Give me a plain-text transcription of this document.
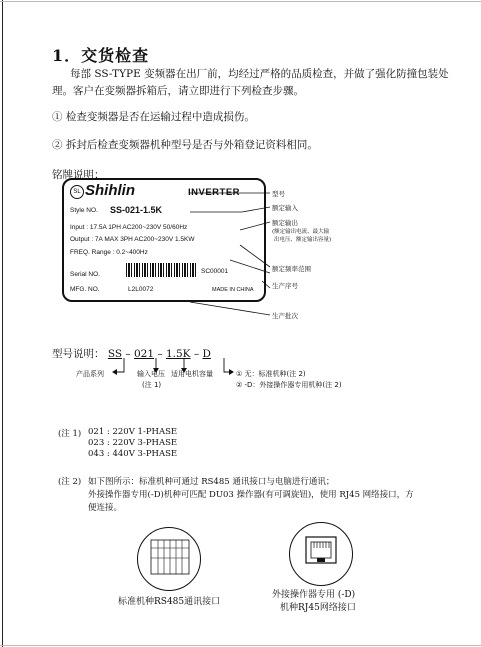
1．交货检查
每部 SS-TYPE 变频器在出厂前，均经过严格的品质检查，并做了强化防撞包装处理。客户在变频器拆箱后，请立即进行下列检查步骤。
① 检查变频器是否在运输过程中造成损伤。
② 拆封后检查变频器机种型号是否与外箱登记资料相同。
铭牌说明：
SL Shihlin	INVERTER
Style NO. SS-021-1.5K
Input : 17.5A 1PH AC200~230V 50/60Hz
Output : 7A MAX 3PH AC200~230V 1.5KW
FREQ. Range : 0.2~400Hz
Serial NO.	SC00001
MFG. NO.	L2L0072	MADE IN CHINA
型号
额定输入
额定输出
(额定输出电流、最大输
出电压、额定输出容量)
额定频率范围
生产序号
生产批次
型号说明： SS – 021 – 1.5K – D
产品系列	输入电压
(注 1)
适用电机容量	① 无：标准机种(注 2)
② -D：外接操作器专用机种(注 2)
(注 1) 021 : 220V 1-PHASE
023 : 220V 3-PHASE
043 : 440V 3-PHASE
(注 2) 如下图所示：标准机种可通过 RS485 通讯接口与电脑进行通讯；
外接操作器专用(-D)机种可匹配 DU03 操作器(有可调旋钮)，使用 RJ45 网络接口，方
便连接。
标准机种RS485通讯接口
外接操作器专用 (-D)
机种RJ45网络接口
